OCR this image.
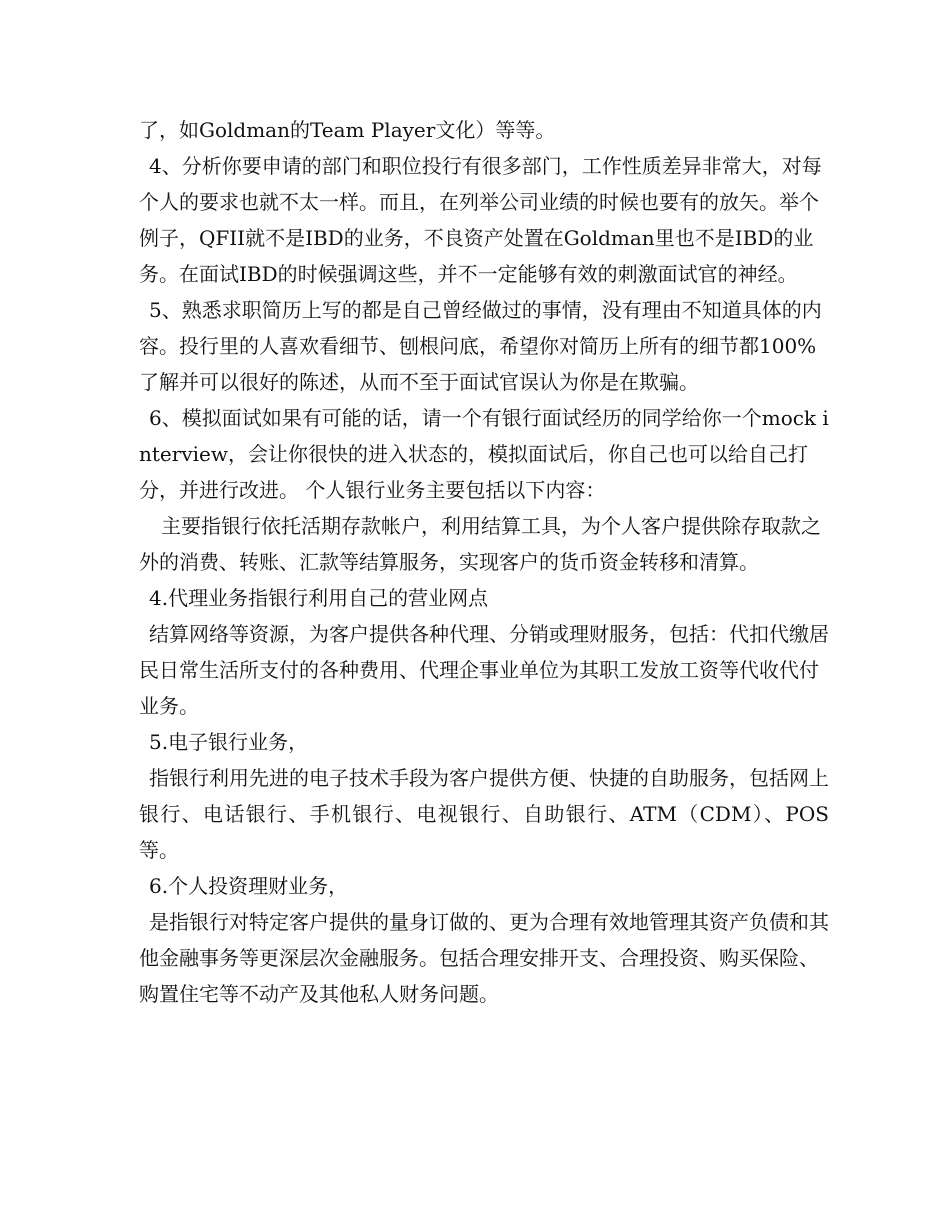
了，如Goldman的Team Player文化）等等。

4、分析你要申请的部门和职位投行有很多部门，工作性质差异非常大，对每个人的要求也就不太一样。而且，在列举公司业绩的时候也要有的放矢。举个例子，QFII就不是IBD的业务，不良资产处置在Goldman里也不是IBD的业务。在面试IBD的时候强调这些，并不一定能够有效的刺激面试官的神经。

5、熟悉求职简历上写的都是自己曾经做过的事情，没有理由不知道具体的内容。投行里的人喜欢看细节、刨根问底，希望你对简历上所有的细节都100%了解并可以很好的陈述，从而不至于面试官误认为你是在欺骗。

6、模拟面试如果有可能的话，请一个有银行面试经历的同学给你一个mock interview，会让你很快的进入状态的，模拟面试后，你自己也可以给自己打分，并进行改进。 个人银行业务主要包括以下内容：

主要指银行依托活期存款帐户，利用结算工具，为个人客户提供除存取款之外的消费、转账、汇款等结算服务，实现客户的货币资金转移和清算。

4.代理业务指银行利用自己的营业网点

结算网络等资源，为客户提供各种代理、分销或理财服务，包括：代扣代缴居民日常生活所支付的各种费用、代理企事业单位为其职工发放工资等代收代付业务。

5.电子银行业务，

指银行利用先进的电子技术手段为客户提供方便、快捷的自助服务，包括网上银行、电话银行、手机银行、电视银行、自助银行、ATM（CDM）、POS等。

6.个人投资理财业务，

是指银行对特定客户提供的量身订做的、更为合理有效地管理其资产负债和其他金融事务等更深层次金融服务。包括合理安排开支、合理投资、购买保险、购置住宅等不动产及其他私人财务问题。
